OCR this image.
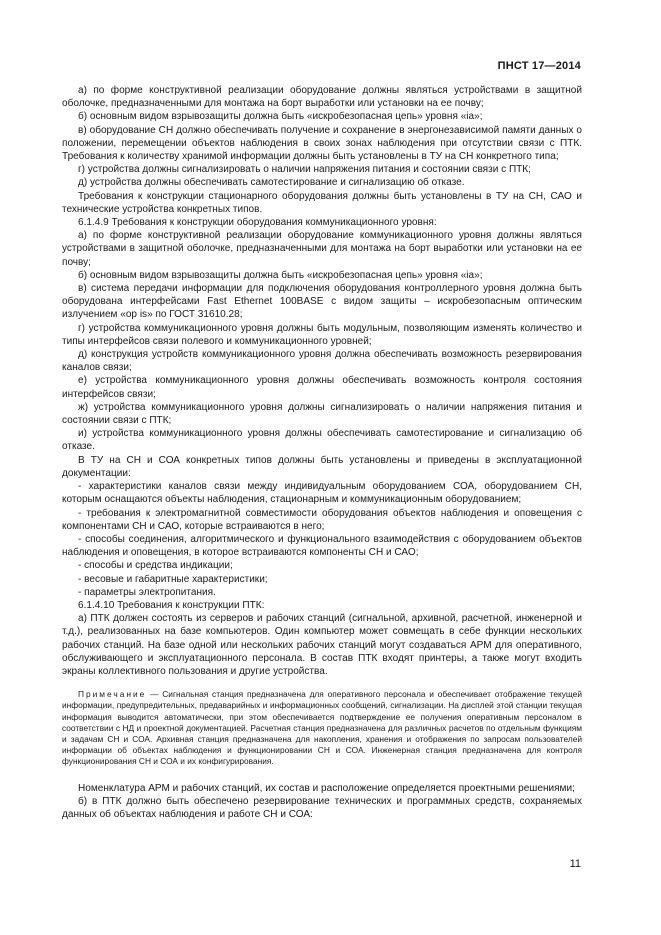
ПНСТ 17—2014

а) по форме конструктивной реализации оборудование должны являться устройствами в защитной оболочке, предназначенными для монтажа на борт выработки или установки на ее почву;

б) основным видом взрывозащиты должна быть «искробезопасная цепь» уровня «ia»;

в) оборудование СН должно обеспечивать получение и сохранение в энергонезависимой памяти данных о положении, перемещении объектов наблюдения в своих зонах наблюдения при отсутствии связи с ПТК. Требования к количеству хранимой информации должны быть установлены в ТУ на СН конкретного типа;

г) устройства должны сигнализировать о наличии напряжения питания и состоянии связи с ПТК;

д) устройства должны обеспечивать самотестирование и сигнализацию об отказе.

Требования к конструкции стационарного оборудования должны быть установлены в ТУ на СН, САО и технические устройства конкретных типов.

6.1.4.9 Требования к конструкции оборудования коммуникационного уровня:

а) по форме конструктивной реализации оборудование коммуникационного уровня должны являться устройствами в защитной оболочке, предназначенными для монтажа на борт выработки или установки на ее почву;

б) основным видом взрывозащиты должна быть «искробезопасная цепь» уровня «ia»;

в) система передачи информации для подключения оборудования контроллерного уровня должна быть оборудована интерфейсами Fast Ethernet 100BASE с видом защиты – искробезопасным оптическим излучением «op is» по ГОСТ 31610.28;

г) устройства коммуникационного уровня должны быть модульным, позволяющим изменять количество и типы интерфейсов связи полевого и коммуникационного уровней;

д) конструкция устройств коммуникационного уровня должна обеспечивать возможность резервирования каналов связи;

е) устройства коммуникационного уровня должны обеспечивать возможность контроля состояния интерфейсов связи;

ж) устройства коммуникационного уровня должны сигнализировать о наличии напряжения питания и состоянии связи с ПТК;

и) устройства коммуникационного уровня должны обеспечивать самотестирование и сигнализацию об отказе.

В ТУ на СН и СОА конкретных типов должны быть установлены и приведены в эксплуатационной документации:

- характеристики каналов связи между индивидуальным оборудованием СОА, оборудованием СН, которым оснащаются объекты наблюдения, стационарным и коммуникационным оборудованием;

- требования к электромагнитной совместимости оборудования объектов наблюдения и оповещения с компонентами СН и САО, которые встраиваются в него;

- способы соединения, алгоритмического и функционального взаимодействия с оборудованием объектов наблюдения и оповещения, в которое встраиваются компоненты СН и САО;

- способы и средства индикации;

- весовые и габаритные характеристики;

- параметры электропитания.

6.1.4.10 Требования к конструкции ПТК:

а) ПТК должен состоять из серверов и рабочих станций (сигнальной, архивной, расчетной, инженерной и т.д.), реализованных на базе компьютеров. Один компьютер может совмещать в себе функции нескольких рабочих станций. На базе одной или нескольких рабочих станций могут создаваться АРМ для оперативного, обслуживающего и эксплуатационного персонала. В состав ПТК входят принтеры, а также могут входить экраны коллективного пользования и другие устройства.

Примечание — Сигнальная станция предназначена для оперативного персонала и обеспечивает отображение текущей информации, предупредительных, предаварийных и информационных сообщений, сигнализации. На дисплей этой станции текущая информация выводится автоматически, при этом обеспечивается подтверждение ее получения оперативным персоналом в соответствии с НД и проектной документацией. Расчетная станция предназначена для различных расчетов по отдельным функциям и задачам СН и СОА. Архивная станция предназначена для накопления, хранения и отображения по запросам пользователей информации об объектах наблюдения и функционировании СН и СОА. Инженерная станция предназначена для контроля функционирования СН и СОА и их конфигурирования.

Номенклатура АРМ и рабочих станций, их состав и расположение определяется проектными решениями;

б) в ПТК должно быть обеспечено резервирование технических и программных средств, сохраняемых данных об объектах наблюдения и работе СН и СОА:

11
